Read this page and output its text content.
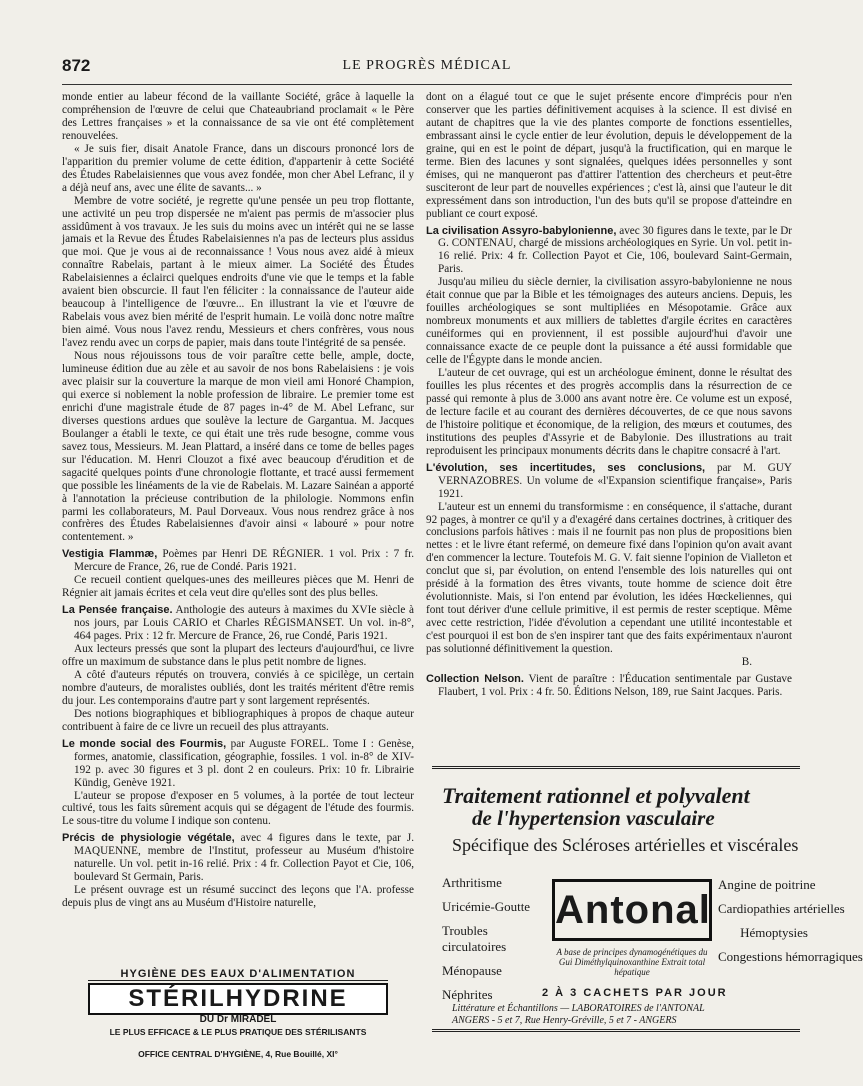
872	LE PROGRÈS MÉDICAL

monde entier au labeur fécond de la vaillante Société, grâce à laquelle la compréhension de l'œuvre de celui que Chateaubriand proclamait « le Père des Lettres françaises » et la connaissance de sa vie ont été complètement renouvelées.

« Je suis fier, disait Anatole France, dans un discours prononcé lors de l'apparition du premier volume de cette édition, d'appartenir à cette Société des Études Rabelaisiennes que vous avez fondée, mon cher Abel Lefranc, il y a déjà neuf ans, avec une élite de savants... »

Membre de votre société, je regrette qu'une pensée un peu trop flottante, une activité un peu trop dispersée ne m'aient pas permis de m'associer plus assidûment à vos travaux. Je les suis du moins avec un intérêt qui ne se lasse jamais et la Revue des Études Rabelaisiennes n'a pas de lecteurs plus assidus que moi. Que je vous ai de reconnaissance ! Vous nous avez aidé à mieux connaître Rabelais, partant à le mieux aimer. La Société des Études Rabelaisiennes a éclairci quelques endroits d'une vie que le temps et la fable avaient bien obscurcie. Il faut l'en féliciter : la connaissance de l'auteur aide beaucoup à l'intelligence de l'œuvre... En illustrant la vie et l'œuvre de Rabelais vous avez bien mérité de l'esprit humain. Le voilà donc notre maître bien aimé. Vous nous l'avez rendu, Messieurs et chers confrères, vous nous l'avez rendu avec un corps de papier, mais dans toute l'intégrité de sa pensée.

Nous nous réjouissons tous de voir paraître cette belle, ample, docte, lumineuse édition due au zèle et au savoir de nos bons Rabelaisiens : je vois avec plaisir sur la couverture la marque de mon vieil ami Honoré Champion, qui exerce si noblement la noble profession de libraire. Le premier tome est enrichi d'une magistrale étude de 87 pages in-4° de M. Abel Lefranc, sur diverses questions ardues que soulève la lecture de Gargantua. M. Jacques Boulanger a établi le texte, ce qui était une très rude besogne, comme vous savez tous, Messieurs. M. Jean Plattard, a inséré dans ce tome de belles pages sur l'éducation. M. Henri Clouzot a fixé avec beaucoup d'érudition et de sagacité quelques points d'une chronologie flottante, et tracé aussi fermement que possible les linéaments de la vie de Rabelais. M. Lazare Sainéan a apporté à l'annotation la précieuse contribution de la philologie. Nommons enfin parmi les collaborateurs, M. Paul Dorveaux. Vous nous rendrez grâce à nos confrères des Études Rabelaisiennes d'avoir ainsi « labouré » pour notre contentement. »

Vestigia Flammæ, Poèmes par Henri DE RÉGNIER. 1 vol. Prix : 7 fr. Mercure de France, 26, rue de Condé. Paris 1921.

Ce recueil contient quelques-unes des meilleures pièces que M. Henri de Régnier ait jamais écrites et cela veut dire qu'elles sont des plus belles.

La Pensée française. Anthologie des auteurs à maximes du XVIe siècle à nos jours, par Louis CARIO et Charles RÉGISMANSET. Un vol. in-8°, 464 pages. Prix : 12 fr. Mercure de France, 26, rue Condé, Paris 1921.

Aux lecteurs pressés que sont la plupart des lecteurs d'aujourd'hui, ce livre offre un maximum de substance dans le plus petit nombre de lignes.

A côté d'auteurs réputés on trouvera, conviés à ce spicilège, un certain nombre d'auteurs, de moralistes oubliés, dont les traités méritent d'être remis du jour. Les contemporains d'autre part y sont largement représentés.

Des notions biographiques et bibliographiques à propos de chaque auteur contribuent à faire de ce livre un recueil des plus attrayants.

Le monde social des Fourmis, par Auguste FOREL. Tome I : Genèse, formes, anatomie, classification, géographie, fossiles. 1 vol. in-8° de XIV-192 p. avec 30 figures et 3 pl. dont 2 en couleurs. Prix: 10 fr. Librairie Kündig, Genève 1921.

L'auteur se propose d'exposer en 5 volumes, à la portée de tout lecteur cultivé, tous les faits sûrement acquis qui se dégagent de l'étude des fourmis. Le sous-titre du volume I indique son contenu.

Précis de physiologie végétale, avec 4 figures dans le texte, par J. MAQUENNE, membre de l'Institut, professeur au Muséum d'histoire naturelle. Un vol. petit in-16 relié. Prix : 4 fr. Collection Payot et Cie, 106, boulevard St Germain, Paris.

Le présent ouvrage est un résumé succinct des leçons que l'A. professe depuis plus de vingt ans au Muséum d'Histoire naturelle,

dont on a élagué tout ce que le sujet présente encore d'imprécis pour n'en conserver que les parties définitivement acquises à la science. Il est divisé en autant de chapitres que la vie des plantes comporte de fonctions essentielles, embrassant ainsi le cycle entier de leur évolution, depuis le développement de la graine, qui en est le point de départ, jusqu'à la fructification, qui en marque le terme. Bien des lacunes y sont signalées, quelques idées personnelles y sont émises, qui ne manqueront pas d'attirer l'attention des chercheurs et peut-être susciteront de leur part de nouvelles expériences ; c'est là, ainsi que l'auteur le dit expressément dans son introduction, l'un des buts qu'il se propose d'atteindre en publiant ce court exposé.

La civilisation Assyro-babylonienne, avec 30 figures dans le texte, par le Dr G. CONTENAU, chargé de missions archéologiques en Syrie. Un vol. petit in-16 relié. Prix: 4 fr. Collection Payot et Cie, 106, boulevard Saint-Germain, Paris.

Jusqu'au milieu du siècle dernier, la civilisation assyro-babylonienne ne nous était connue que par la Bible et les témoignages des auteurs anciens. Depuis, les fouilles archéologiques se sont multipliées en Mésopotamie. Grâce aux nombreux monuments et aux milliers de tablettes d'argile écrites en caractères cunéiformes qui en proviennent, il est possible aujourd'hui d'avoir une connaissance exacte de ce peuple dont la puissance a été aussi formidable que celle de l'Égypte dans le monde ancien.

L'auteur de cet ouvrage, qui est un archéologue éminent, donne le résultat des fouilles les plus récentes et des progrès accomplis dans la résurrection de ce passé qui remonte à plus de 3.000 ans avant notre ère. Ce volume est un exposé, de lecture facile et au courant des dernières découvertes, de ce que nous savons de l'histoire politique et économique, de la religion, des mœurs et coutumes, des institutions des peuples d'Assyrie et de Babylonie. Des illustrations au trait reproduisent les principaux monuments décrits dans le chapitre consacré à l'art.

L'évolution, ses incertitudes, ses conclusions, par M. GUY VERNAZOBRES. Un volume de «l'Expansion scientifique française», Paris 1921.

L'auteur est un ennemi du transformisme : en conséquence, il s'attache, durant 92 pages, à montrer ce qu'il y a d'exagéré dans certaines doctrines, à critiquer des conclusions parfois hâtives : mais il ne fournit pas non plus de propositions bien nettes : et le livre étant refermé, on demeure fixé dans l'opinion qu'on avait avant d'en commencer la lecture. Toutefois M. G. V. fait sienne l'opinion de Vialleton et conclut que si, par évolution, on entend l'ensemble des lois naturelles qui ont présidé à la formation des êtres vivants, toute homme de science doit être évolutionniste. Mais, si l'on entend par évolution, les idées Hœckeliennes, qui font tout dériver d'une cellule primitive, il est permis de rester sceptique. Même avec cette restriction, l'idée d'évolution a cependant une utilité incontestable et c'est pourquoi il est bon de s'en inspirer tant que des faits expérimentaux n'auront pas solutionné définitivement la question.

B.

Collection Nelson. Vient de paraître : l'Éducation sentimentale par Gustave Flaubert, 1 vol. Prix : 4 fr. 50. Éditions Nelson, 189, rue Saint Jacques. Paris.

HYGIÈNE DES EAUX D'ALIMENTATION
STÉRILHYDRINE
DU Dr MIRADEL
LE PLUS EFFICACE & LE PLUS PRATIQUE DES STÉRILISANTS
OFFICE CENTRAL D'HYGIÈNE, 4, Rue Bouillé, XI°
Traitement rationnel et polyvalent
de l'hypertension vasculaire
Spécifique des Scléroses artérielles et viscérales
Arthritisme
Uricémie-Goutte
Troubles circulatoires
Ménopause
Néphrites
Antonal
A base de principes dynamogénétiques du Gui Diméthylquinoxanthine Extrait total hépatique
Angine de poitrine
Cardiopathies artérielles
Hémoptysies
Congestions hémorragiques
2 À 3 CACHETS PAR JOUR
Littérature et Échantillons — LABORATOIRES de l'ANTONAL
ANGERS - 5 et 7, Rue Henry-Gréville, 5 et 7 - ANGERS
